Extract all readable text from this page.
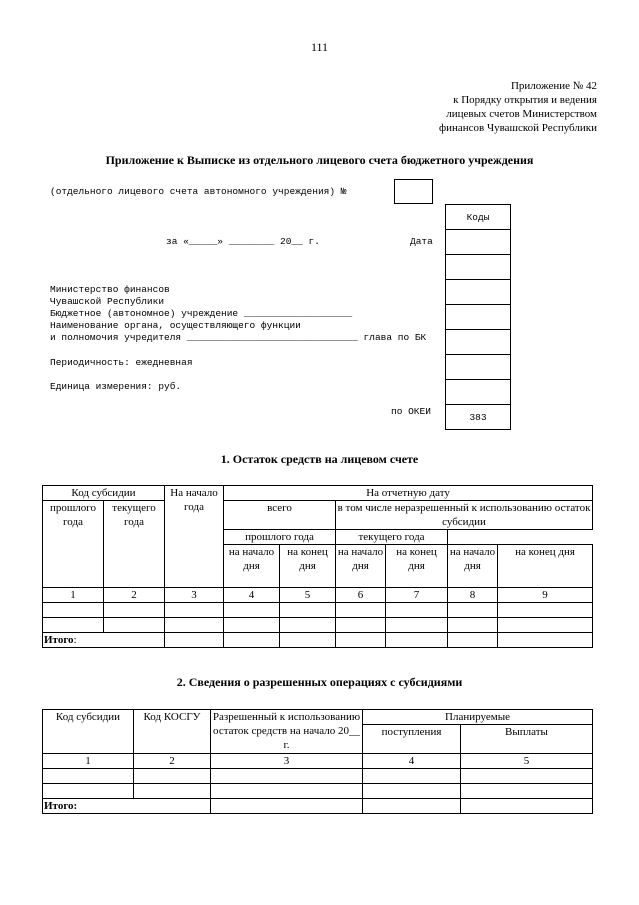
111
Приложение № 42
к Порядку открытия и ведения
лицевых счетов Министерством
финансов Чувашской Республики
Приложение к Выписке из отдельного лицевого счета бюджетного учреждения
(отдельного лицевого счета автономного учреждения) №
за «_____» ________ 20__ г.	Дата
Министерство финансов
Чувашской Республики
Бюджетное (автономное) учреждение ___________________
Наименование органа, осуществляющего функции
и полномочия учредителя ______________________________ глава по БК
Периодичность: ежедневная
Единица измерения: руб.
по ОКЕИ
Коды

383
1. Остаток средств на лицевом счете
Код субсидии		На начало года	На отчетную дату					
прошлого года	текущего года		всего		в том числе неразрешенный к использованию остаток субсидии			
			прошлого года		текущего года			
			на начало дня	на конец дня	на начало дня	на конец дня	на начало дня	на конец дня
1	2	3	4	5	6	7	8	9

Итого:								
2. Сведения о разрешенных операциях с субсидиями
Код субсидии	Код КОСГУ	Разрешенный к использованию остаток средств на начало 20__ г.	Планируемые	
			поступления	Выплаты
1	2	3	4	5

Итого:				
